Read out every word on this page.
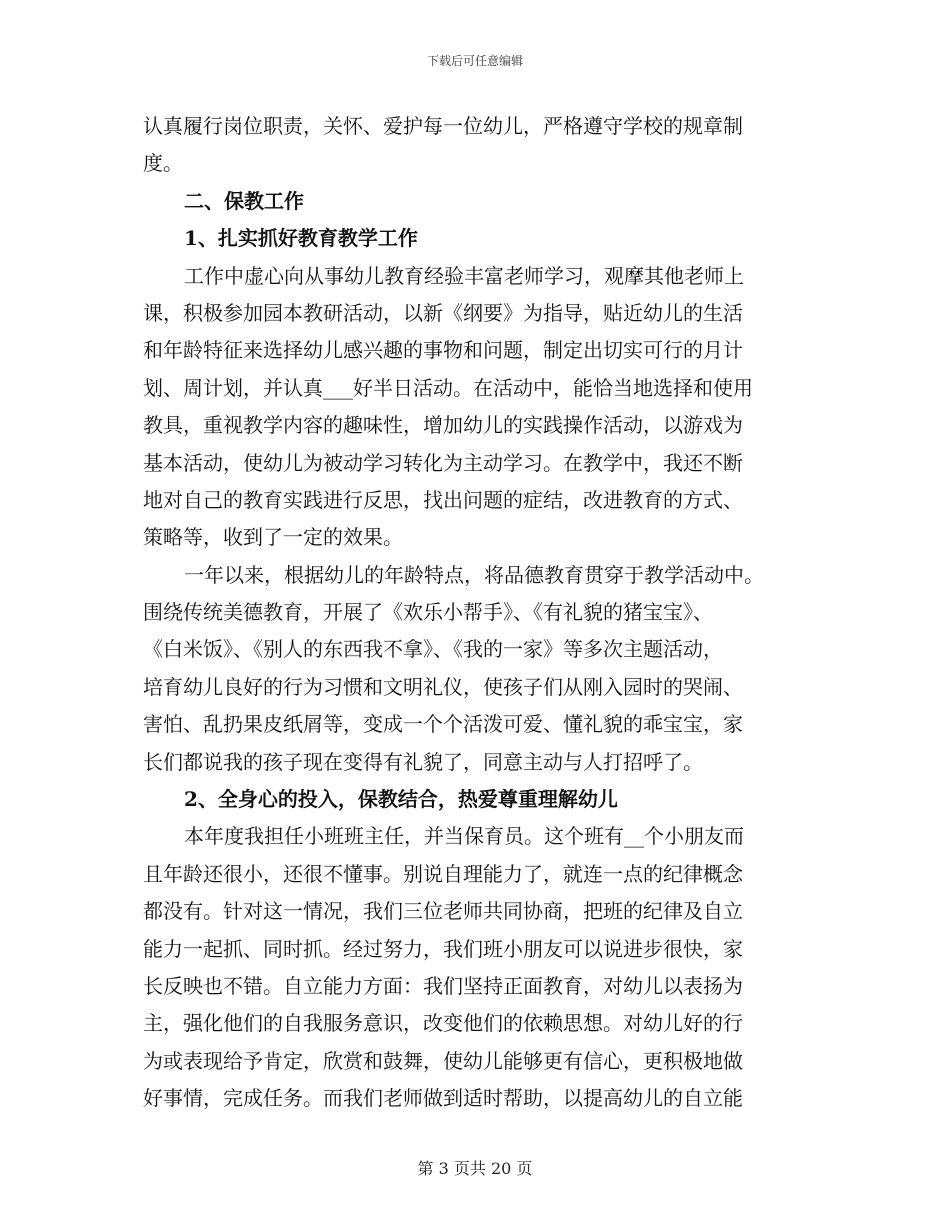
下载后可任意编辑
认真履行岗位职责，关怀、爱护每一位幼儿，严格遵守学校的规章制
度。
二、保教工作
1、扎实抓好教育教学工作
工作中虚心向从事幼儿教育经验丰富老师学习，观摩其他老师上
课，积极参加园本教研活动，以新《纲要》为指导，贴近幼儿的生活
和年龄特征来选择幼儿感兴趣的事物和问题，制定出切实可行的月计
划、周计划，并认真___好半日活动。在活动中，能恰当地选择和使用
教具，重视教学内容的趣味性，增加幼儿的实践操作活动，以游戏为
基本活动，使幼儿为被动学习转化为主动学习。在教学中，我还不断
地对自己的教育实践进行反思，找出问题的症结，改进教育的方式、
策略等，收到了一定的效果。
一年以来，根据幼儿的年龄特点，将品德教育贯穿于教学活动中。
围绕传统美德教育，开展了《欢乐小帮手》、《有礼貌的猪宝宝》、
《白米饭》、《别人的东西我不拿》、《我的一家》等多次主题活动，
培育幼儿良好的行为习惯和文明礼仪，使孩子们从刚入园时的哭闹、
害怕、乱扔果皮纸屑等，变成一个个活泼可爱、懂礼貌的乖宝宝，家
长们都说我的孩子现在变得有礼貌了，同意主动与人打招呼了。
2、全身心的投入，保教结合，热爱尊重理解幼儿
本年度我担任小班班主任，并当保育员。这个班有__个小朋友而
且年龄还很小，还很不懂事。别说自理能力了，就连一点的纪律概念
都没有。针对这一情况，我们三位老师共同协商，把班的纪律及自立
能力一起抓、同时抓。经过努力，我们班小朋友可以说进步很快，家
长反映也不错。自立能力方面：我们坚持正面教育，对幼儿以表扬为
主，强化他们的自我服务意识，改变他们的依赖思想。对幼儿好的行
为或表现给予肯定，欣赏和鼓舞，使幼儿能够更有信心，更积极地做
好事情，完成任务。而我们老师做到适时帮助，以提高幼儿的自立能
第 3 页共 20 页
